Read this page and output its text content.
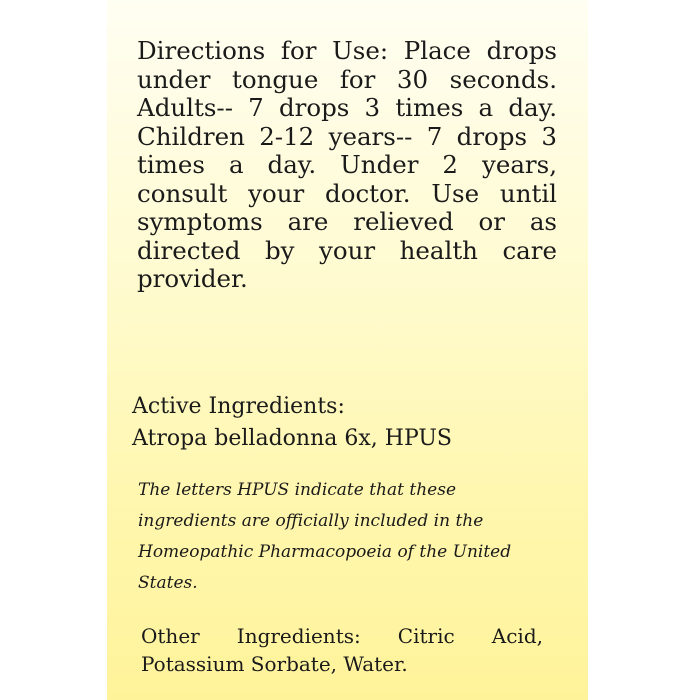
Directions for Use: Place drops under tongue for 30 seconds. Adults-- 7 drops 3 times a day. Children 2-12 years-- 7 drops 3 times a day. Under 2 years, consult your doctor. Use until symptoms are relieved or as directed by your health care provider.

Active Ingredients:

Atropa belladonna 6x, HPUS

The letters HPUS indicate that these ingredients are officially included in the Homeopathic Pharmacopoeia of the United States.

Other Ingredients: Citric Acid, Potassium Sorbate, Water.
